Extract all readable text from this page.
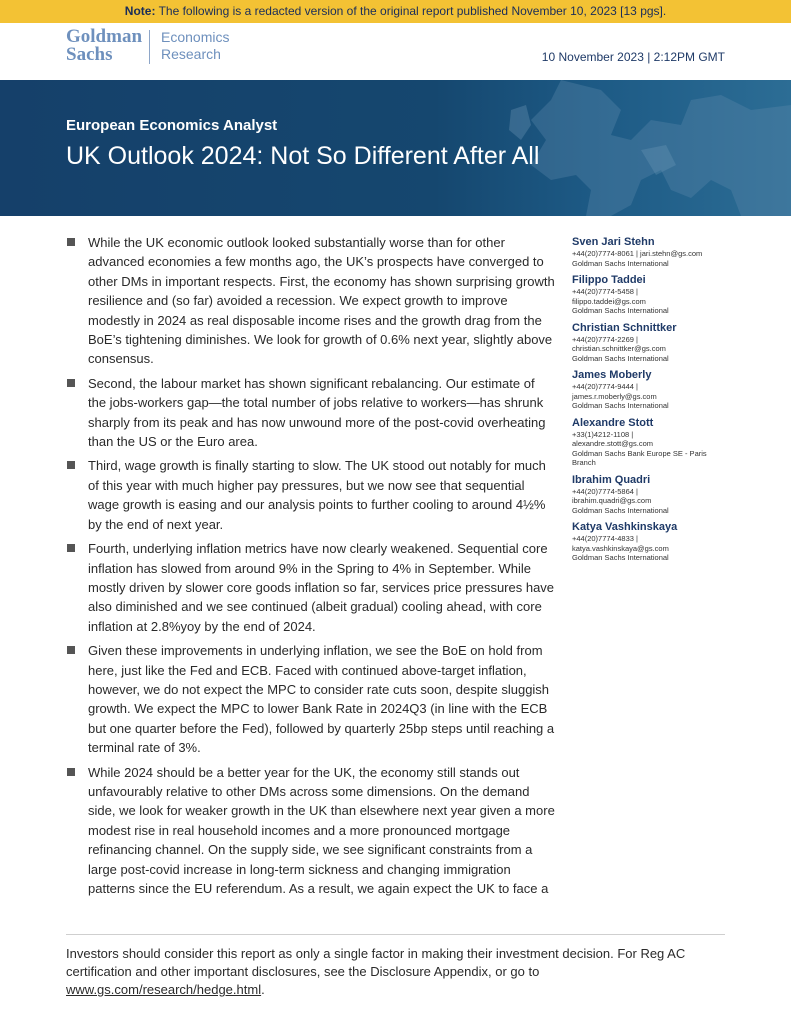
Note: The following is a redacted version of the original report published November 10, 2023 [13 pgs].
Goldman
Sachs
Economics
Research	10 November 2023 | 2:12PM GMT
European Economics Analyst
UK Outlook 2024: Not So Different After All
While the UK economic outlook looked substantially worse than for other advanced economies a few months ago, the UK’s prospects have converged to other DMs in important respects. First, the economy has shown surprising growth resilience and (so far) avoided a recession. We expect growth to improve modestly in 2024 as real disposable income rises and the growth drag from the BoE’s tightening diminishes. We look for growth of 0.6% next year, slightly above consensus.
Second, the labour market has shown significant rebalancing. Our estimate of the jobs-workers gap—the total number of jobs relative to workers—has shrunk sharply from its peak and has now unwound more of the post-covid overheating than the US or the Euro area.
Third, wage growth is finally starting to slow. The UK stood out notably for much of this year with much higher pay pressures, but we now see that sequential wage growth is easing and our analysis points to further cooling to around 4½% by the end of next year.
Fourth, underlying inflation metrics have now clearly weakened. Sequential core inflation has slowed from around 9% in the Spring to 4% in September. While mostly driven by slower core goods inflation so far, services price pressures have also diminished and we see continued (albeit gradual) cooling ahead, with core inflation at 2.8%yoy by the end of 2024.
Given these improvements in underlying inflation, we see the BoE on hold from here, just like the Fed and ECB. Faced with continued above-target inflation, however, we do not expect the MPC to consider rate cuts soon, despite sluggish growth. We expect the MPC to lower Bank Rate in 2024Q3 (in line with the ECB but one quarter before the Fed), followed by quarterly 25bp steps until reaching a terminal rate of 3%.
While 2024 should be a better year for the UK, the economy still stands out unfavourably relative to other DMs across some dimensions. On the demand side, we look for weaker growth in the UK than elsewhere next year given a more modest rise in real household incomes and a more pronounced mortgage refinancing channel. On the supply side, we see significant constraints from a large post-covid increase in long-term sickness and changing immigration patterns since the EU referendum. As a result, we again expect the UK to face a
Sven Jari Stehn
+44(20)7774-8061 | jari.stehn@gs.com
Goldman Sachs International
Filippo Taddei
+44(20)7774-5458 |
filippo.taddei@gs.com
Goldman Sachs International
Christian Schnittker
+44(20)7774-2269 |
christian.schnittker@gs.com
Goldman Sachs International
James Moberly
+44(20)7774-9444 |
james.r.moberly@gs.com
Goldman Sachs International
Alexandre Stott
+33(1)4212-1108 |
alexandre.stott@gs.com
Goldman Sachs Bank Europe SE - Paris
Branch
Ibrahim Quadri
+44(20)7774-5864 |
ibrahim.quadri@gs.com
Goldman Sachs International
Katya Vashkinskaya
+44(20)7774-4833 |
katya.vashkinskaya@gs.com
Goldman Sachs International
Investors should consider this report as only a single factor in making their investment decision. For Reg AC certification and other important disclosures, see the Disclosure Appendix, or go to www.gs.com/research/hedge.html.
